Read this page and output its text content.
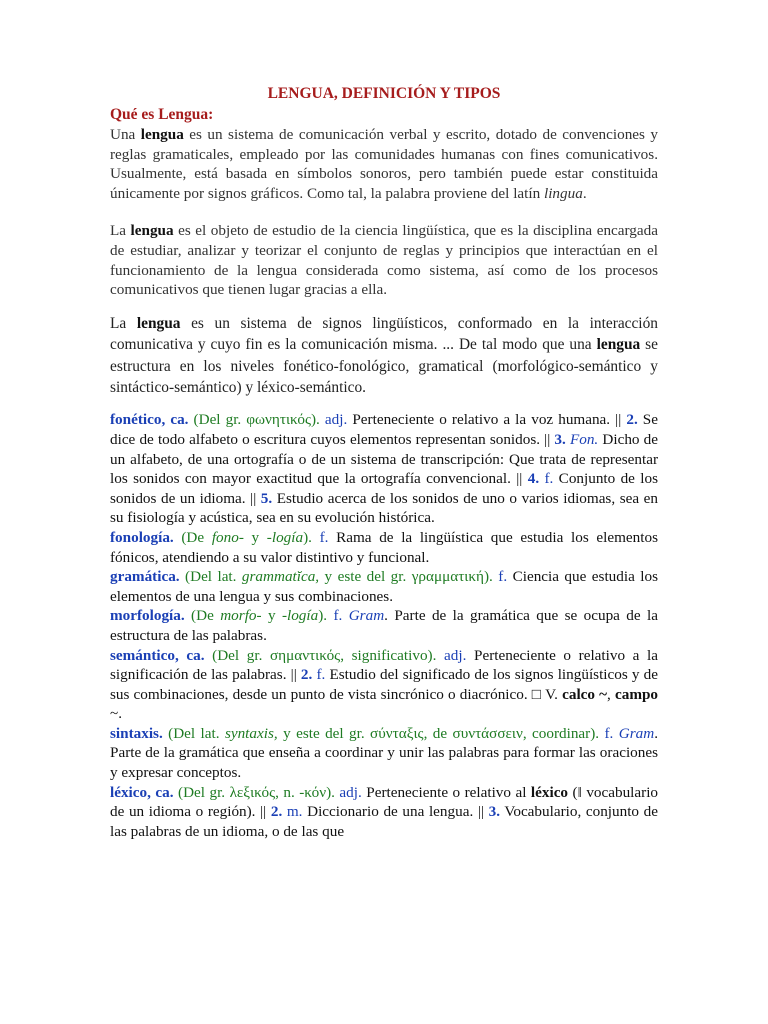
LENGUA, DEFINICIÓN Y TIPOS
Qué es Lengua:

Una lengua es un sistema de comunicación verbal y escrito, dotado de convenciones y reglas gramaticales, empleado por las comunidades humanas con fines comunicativos. Usualmente, está basada en símbolos sonoros, pero también puede estar constituida únicamente por signos gráficos. Como tal, la palabra proviene del latín lingua.

La lengua es el objeto de estudio de la ciencia lingüística, que es la disciplina encargada de estudiar, analizar y teorizar el conjunto de reglas y principios que interactúan en el funcionamiento de la lengua considerada como sistema, así como de los procesos comunicativos que tienen lugar gracias a ella.

La lengua es un sistema de signos lingüísticos, conformado en la interacción comunicativa y cuyo fin es la comunicación misma. ... De tal modo que una lengua se estructura en los niveles fonético-fonológico, gramatical (morfológico-semántico y sintáctico-semántico) y léxico-semántico.

fonético, ca. (Del gr. φωνητικός). adj. Perteneciente o relativo a la voz humana. || 2. Se dice de todo alfabeto o escritura cuyos elementos representan sonidos. || 3. Fon. Dicho de un alfabeto, de una ortografía o de un sistema de transcripción: Que trata de representar los sonidos con mayor exactitud que la ortografía convencional. || 4. f. Conjunto de los sonidos de un idioma. || 5. Estudio acerca de los sonidos de uno o varios idiomas, sea en su fisiología y acústica, sea en su evolución histórica.

fonología. (De fono- y -logía). f. Rama de la lingüística que estudia los elementos fónicos, atendiendo a su valor distintivo y funcional.

gramática. (Del lat. grammatĭca, y este del gr. γραμματική). f. Ciencia que estudia los elementos de una lengua y sus combinaciones.

morfología. (De morfo- y -logía). f. Gram. Parte de la gramática que se ocupa de la estructura de las palabras.

semántico, ca. (Del gr. σημαντικός, significativo). adj. Perteneciente o relativo a la significación de las palabras. || 2. f. Estudio del significado de los signos lingüísticos y de sus combinaciones, desde un punto de vista sincrónico o diacrónico. □ V. calco ~, campo ~.

sintaxis. (Del lat. syntaxis, y este del gr. σύνταξις, de συντάσσειν, coordinar). f. Gram. Parte de la gramática que enseña a coordinar y unir las palabras para formar las oraciones y expresar conceptos.

léxico, ca. (Del gr. λεξικός, n. -κόν). adj. Perteneciente o relativo al léxico (‖ vocabulario de un idioma o región). || 2. m. Diccionario de una lengua. || 3. Vocabulario, conjunto de las palabras de un idioma, o de las que
